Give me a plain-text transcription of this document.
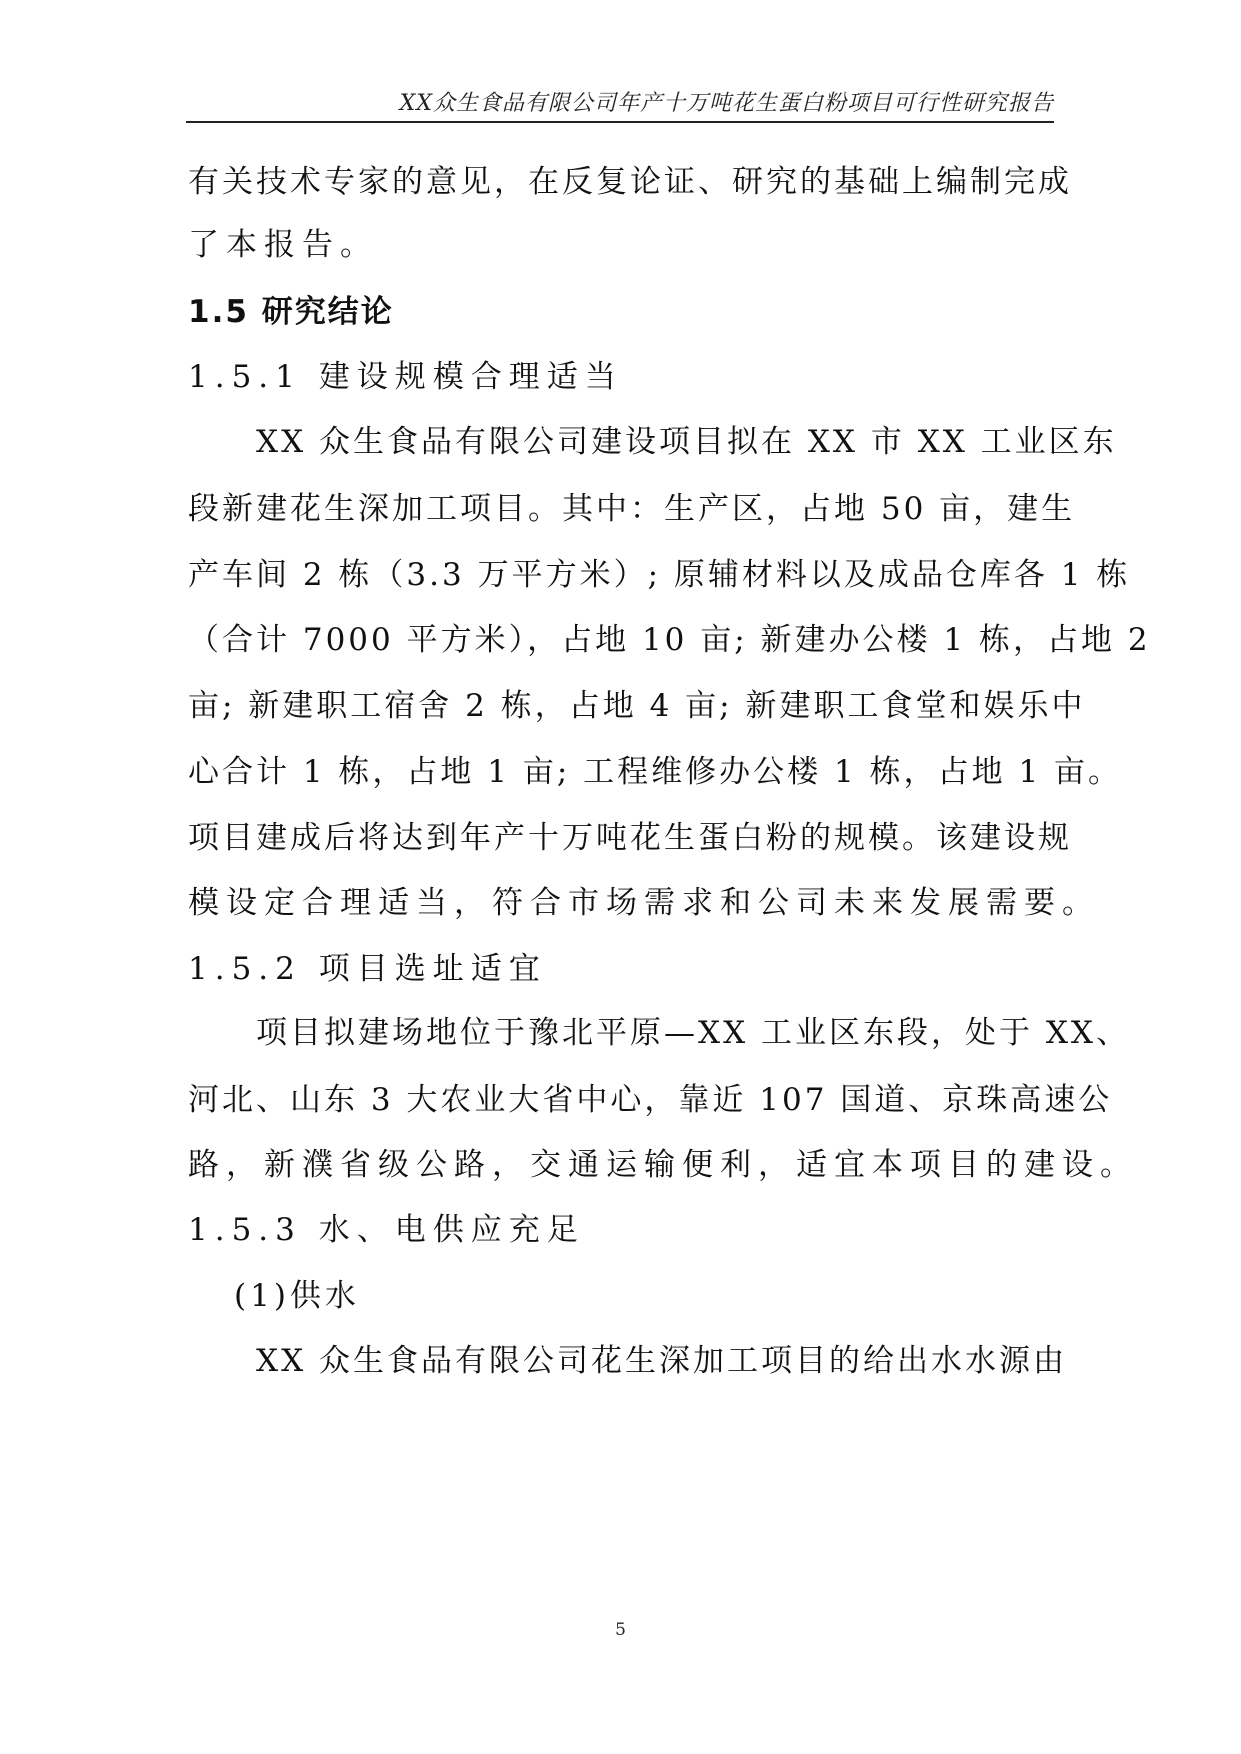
XX众生食品有限公司年产十万吨花生蛋白粉项目可行性研究报告
有关技术专家的意见，在反复论证、研究的基础上编制完成
了本报告。
1.5 研究结论
1.5.1 建设规模合理适当
XX 众生食品有限公司建设项目拟在 XX 市 XX 工业区东
段新建花生深加工项目。其中：生产区，占地 50 亩，建生
产车间 2 栋（3.3 万平方米）; 原辅材料以及成品仓库各 1 栋
（合计 7000 平方米），占地 10 亩; 新建办公楼 1 栋，占地 2
亩; 新建职工宿舍 2 栋，占地 4 亩; 新建职工食堂和娱乐中
心合计 1 栋，占地 1 亩; 工程维修办公楼 1 栋，占地 1 亩。
项目建成后将达到年产十万吨花生蛋白粉的规模。该建设规
模设定合理适当，符合市场需求和公司未来发展需要。
1.5.2 项目选址适宜
项目拟建场地位于豫北平原—XX 工业区东段，处于 XX、
河北、山东 3 大农业大省中心，靠近 107 国道、京珠高速公
路，新濮省级公路，交通运输便利，适宜本项目的建设。
1.5.3 水、电供应充足
(1)供水
XX 众生食品有限公司花生深加工项目的给出水水源由
5
